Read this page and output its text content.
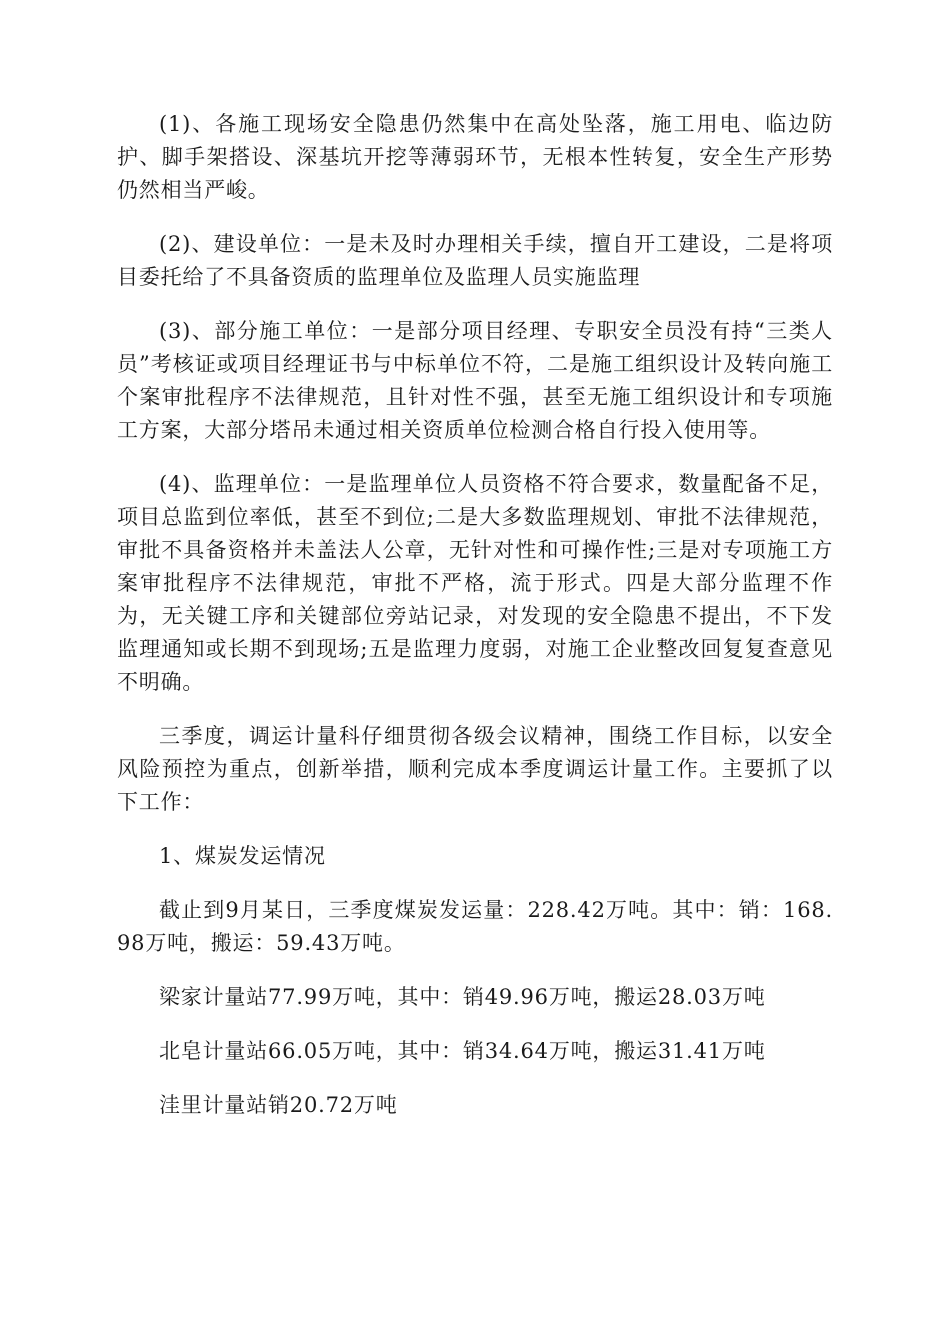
(1)、各施工现场安全隐患仍然集中在高处坠落，施工用电、临边防护、脚手架搭设、深基坑开挖等薄弱环节，无根本性转复，安全生产形势仍然相当严峻。

(2)、建设单位：一是未及时办理相关手续，擅自开工建设，二是将项目委托给了不具备资质的监理单位及监理人员实施监理

(3)、部分施工单位：一是部分项目经理、专职安全员没有持“三类人员”考核证或项目经理证书与中标单位不符，二是施工组织设计及转向施工个案审批程序不法律规范，且针对性不强，甚至无施工组织设计和专项施工方案，大部分塔吊未通过相关资质单位检测合格自行投入使用等。

(4)、监理单位：一是监理单位人员资格不符合要求，数量配备不足，项目总监到位率低，甚至不到位;二是大多数监理规划、审批不法律规范，审批不具备资格并未盖法人公章，无针对性和可操作性;三是对专项施工方案审批程序不法律规范，审批不严格，流于形式。四是大部分监理不作为，无关键工序和关键部位旁站记录，对发现的安全隐患不提出，不下发监理通知或长期不到现场;五是监理力度弱，对施工企业整改回复复查意见不明确。

三季度，调运计量科仔细贯彻各级会议精神，围绕工作目标，以安全风险预控为重点，创新举措，顺利完成本季度调运计量工作。主要抓了以下工作：

1、煤炭发运情况

截止到9月某日，三季度煤炭发运量：228.42万吨。其中：销：168.98万吨，搬运：59.43万吨。

梁家计量站77.99万吨，其中：销49.96万吨，搬运28.03万吨

北皂计量站66.05万吨，其中：销34.64万吨，搬运31.41万吨

洼里计量站销20.72万吨
